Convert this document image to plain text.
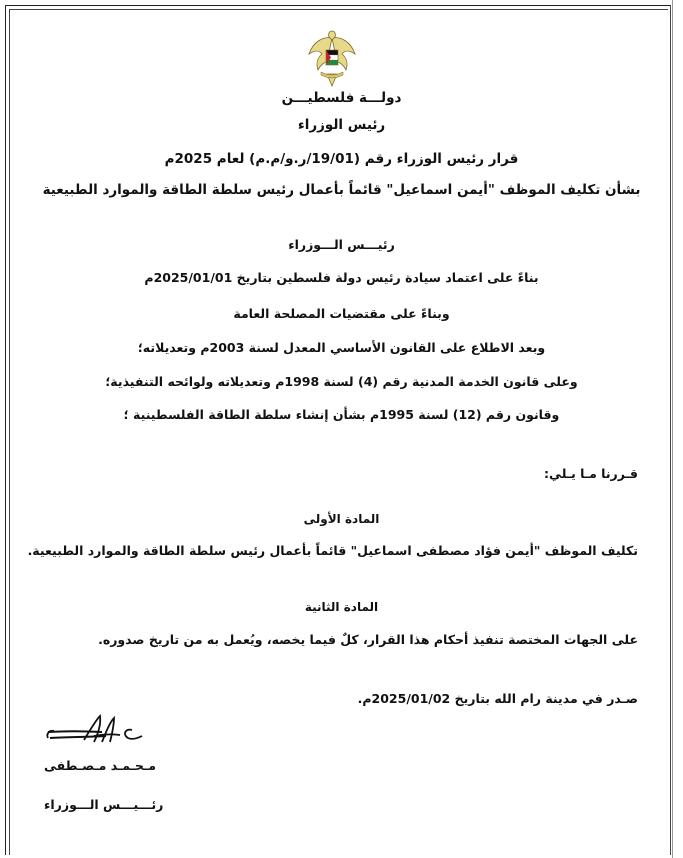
دولـــة فلسطيـــن
رئيس الوزراء
قرار رئيس الوزراء رقم (19/01/ر.و/م.م) لعام 2025م
بشأن تكليف الموظف "أيمن اسماعيل" قائماً بأعمال رئيس سلطة الطاقة والموارد الطبيعية
رئيـــس الـــوزراء
بناءً على اعتماد سيادة رئيس دولة فلسطين بتاريخ 2025/01/01م
وبناءً على مقتضيات المصلحة العامة
وبعد الاطلاع على القانون الأساسي المعدل لسنة 2003م وتعديلاته؛
وعلى قانون الخدمة المدنية رقم (4) لسنة 1998م وتعديلاته ولوائحه التنفيذية؛
وقانون رقم (12) لسنة 1995م بشأن إنشاء سلطة الطاقة الفلسطينية ؛
قـررنا مـا يـلي:
المادة الأولى
تكليف الموظف "أيمن فؤاد مصطفى اسماعيل" قائماً بأعمال رئيس سلطة الطاقة والموارد الطبيعية.
المادة الثانية
على الجهات المختصة تنفيذ أحكام هذا القرار، كلٌ فيما يخصه، ويُعمل به من تاريخ صدوره.
صـدر في مدينة رام الله بتاريخ 2025/01/02م.
مـحـمـد مـصـطفى
رئـــيـــس الـــوزراء
